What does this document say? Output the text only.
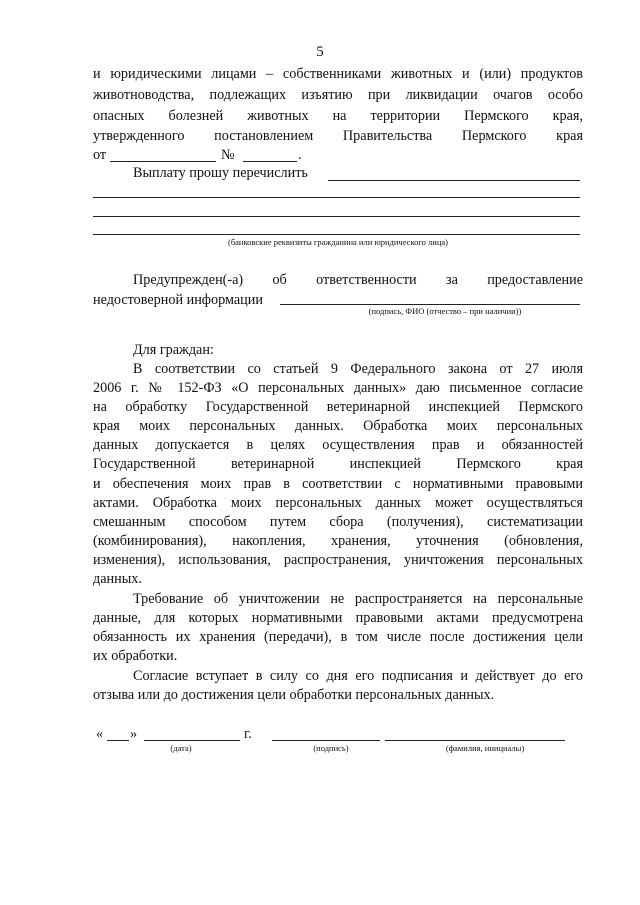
5
и юридическими лицами – собственниками животных и (или) продуктов
животноводства, подлежащих изъятию при ликвидации очагов особо
опасных болезней животных на территории Пермского края,
утвержденного постановлением Правительства Пермского края
от	№	.
Выплату прошу перечислить
(банковские реквизиты гражданина или юридического лица)
Предупрежден(-а) об ответственности за предоставление
недостоверной информации
(подпись, ФИО (отчество – при наличии))
Для граждан:
В соответствии со статьей 9 Федерального закона от 27 июля
2006 г. № 152-ФЗ «О персональных данных» даю письменное согласие
на обработку Государственной ветеринарной инспекцией Пермского
края моих персональных данных. Обработка моих персональных
данных допускается в целях осуществления прав и обязанностей
Государственной ветеринарной инспекцией Пермского края
и обеспечения моих прав в соответствии с нормативными правовыми
актами. Обработка моих персональных данных может осуществляться
смешанным способом путем сбора (получения), систематизации
(комбинирования), накопления, хранения, уточнения (обновления,
изменения), использования, распространения, уничтожения персональных
данных.
Требование об уничтожении не распространяется на персональные
данные, для которых нормативными правовыми актами предусмотрена
обязанность их хранения (передачи), в том числе после достижения цели
их обработки.
Согласие вступает в силу со дня его подписания и действует до его
отзыва или до достижения цели обработки персональных данных.
« »	г.
(дата)	(подпись)	(фамилия, инициалы)
